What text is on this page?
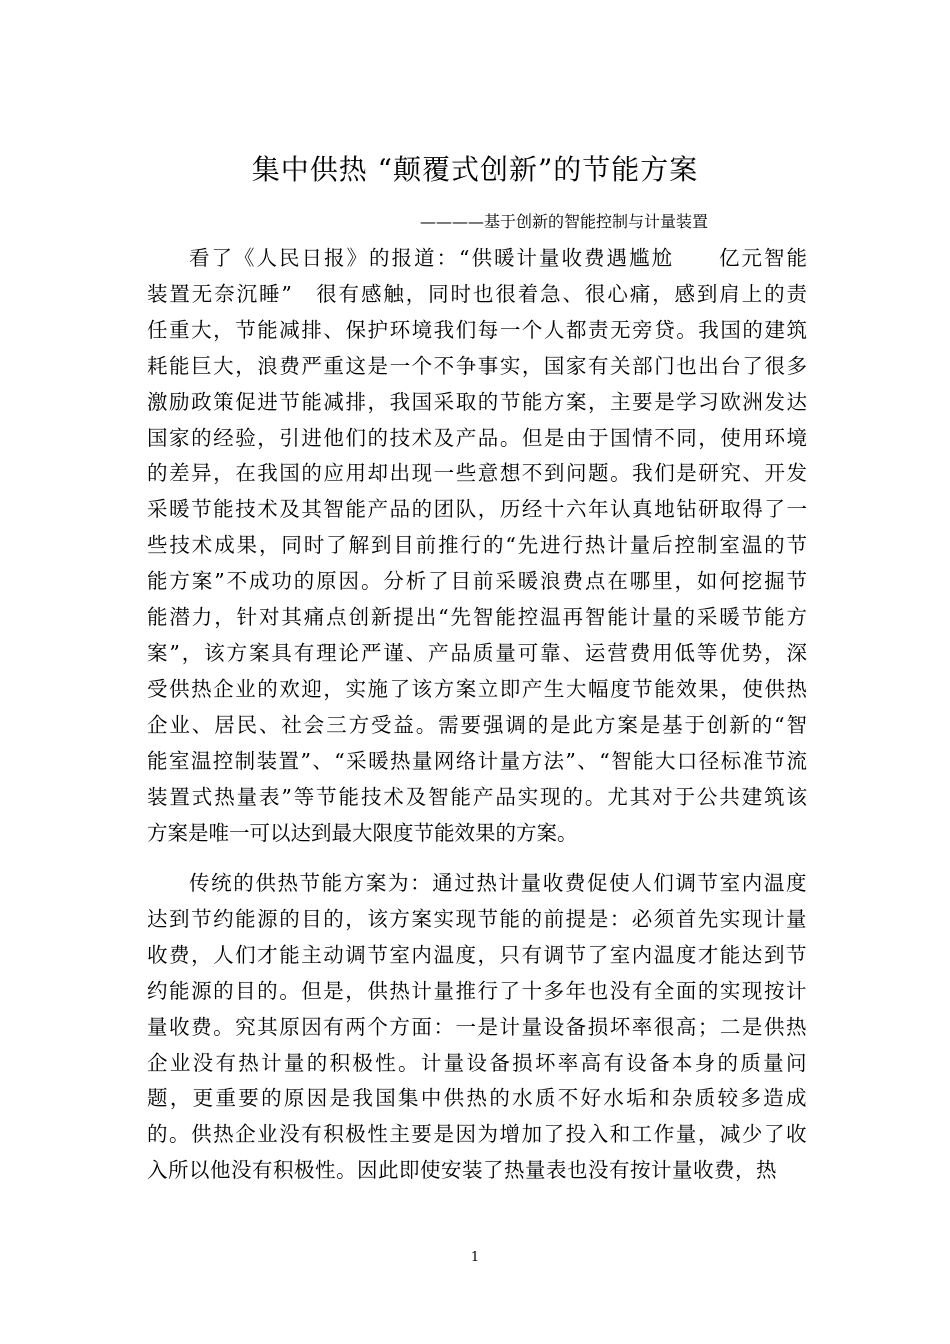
集中供热 “颠覆式创新”的节能方案

————基于创新的智能控制与计量装置

看了《人民日报》的报道：“供暖计量收费遇尴尬　　亿元智能
装置无奈沉睡”　很有感触，同时也很着急、很心痛，感到肩上的责
任重大，节能减排、保护环境我们每一个人都责无旁贷。我国的建筑
耗能巨大，浪费严重这是一个不争事实，国家有关部门也出台了很多
激励政策促进节能减排，我国采取的节能方案，主要是学习欧洲发达
国家的经验，引进他们的技术及产品。但是由于国情不同，使用环境
的差异，在我国的应用却出现一些意想不到问题。我们是研究、开发
采暖节能技术及其智能产品的团队，历经十六年认真地钻研取得了一
些技术成果，同时了解到目前推行的“先进行热计量后控制室温的节
能方案”不成功的原因。分析了目前采暖浪费点在哪里，如何挖掘节
能潜力，针对其痛点创新提出“先智能控温再智能计量的采暖节能方
案”，该方案具有理论严谨、产品质量可靠、运营费用低等优势，深
受供热企业的欢迎，实施了该方案立即产生大幅度节能效果，使供热
企业、居民、社会三方受益。需要强调的是此方案是基于创新的“智
能室温控制装置”、“采暖热量网络计量方法”、“智能大口径标准节流
装置式热量表”等节能技术及智能产品实现的。尤其对于公共建筑该
方案是唯一可以达到最大限度节能效果的方案。
传统的供热节能方案为：通过热计量收费促使人们调节室内温度
达到节约能源的目的，该方案实现节能的前提是：必须首先实现计量
收费，人们才能主动调节室内温度，只有调节了室内温度才能达到节
约能源的目的。但是，供热计量推行了十多年也没有全面的实现按计
量收费。究其原因有两个方面：一是计量设备损坏率很高；二是供热
企业没有热计量的积极性。计量设备损坏率高有设备本身的质量问
题，更重要的原因是我国集中供热的水质不好水垢和杂质较多造成
的。供热企业没有积极性主要是因为增加了投入和工作量，减少了收
入所以他没有积极性。因此即使安装了热量表也没有按计量收费，热
1
